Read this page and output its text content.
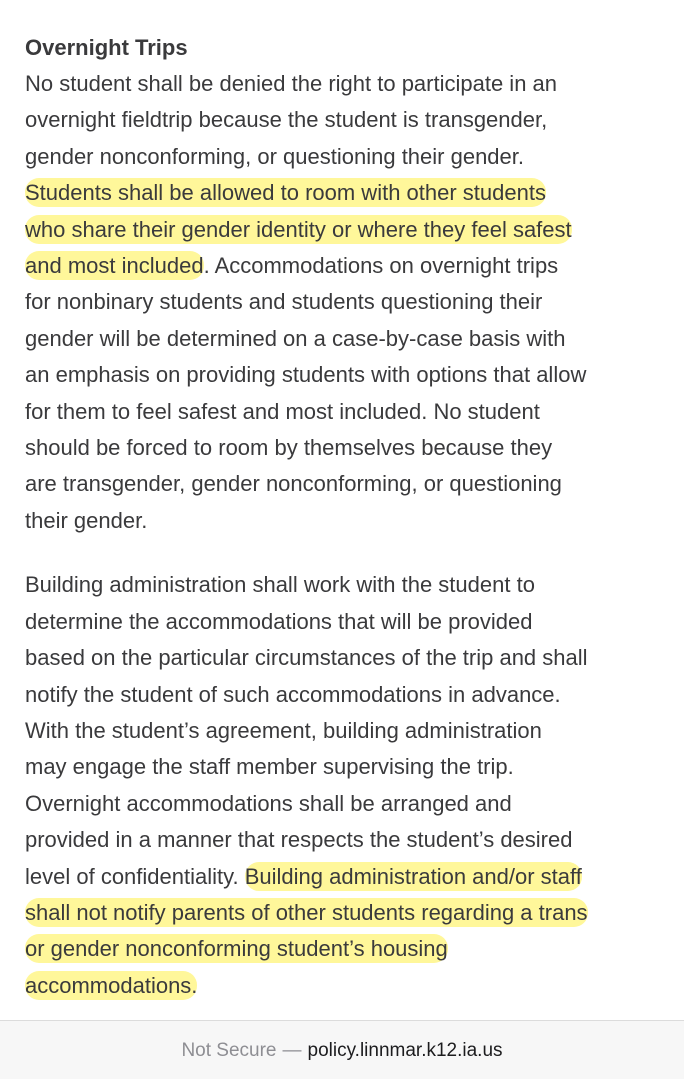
Overnight Trips

No student shall be denied the right to participate in an
overnight fieldtrip because the student is transgender,
gender nonconforming, or questioning their gender.
Students shall be allowed to room with other students
who share their gender identity or where they feel safest
and most included. Accommodations on overnight trips
for nonbinary students and students questioning their
gender will be determined on a case-by-case basis with
an emphasis on providing students with options that allow
for them to feel safest and most included. No student
should be forced to room by themselves because they
are transgender, gender nonconforming, or questioning
their gender.

Building administration shall work with the student to
determine the accommodations that will be provided
based on the particular circumstances of the trip and shall
notify the student of such accommodations in advance.
With the student’s agreement, building administration
may engage the staff member supervising the trip.
Overnight accommodations shall be arranged and
provided in a manner that respects the student’s desired
level of confidentiality. Building administration and/or staff
shall not notify parents of other students regarding a trans
or gender nonconforming student’s housing
accommodations.

Not Secure — policy.linnmar.k12.ia.us
